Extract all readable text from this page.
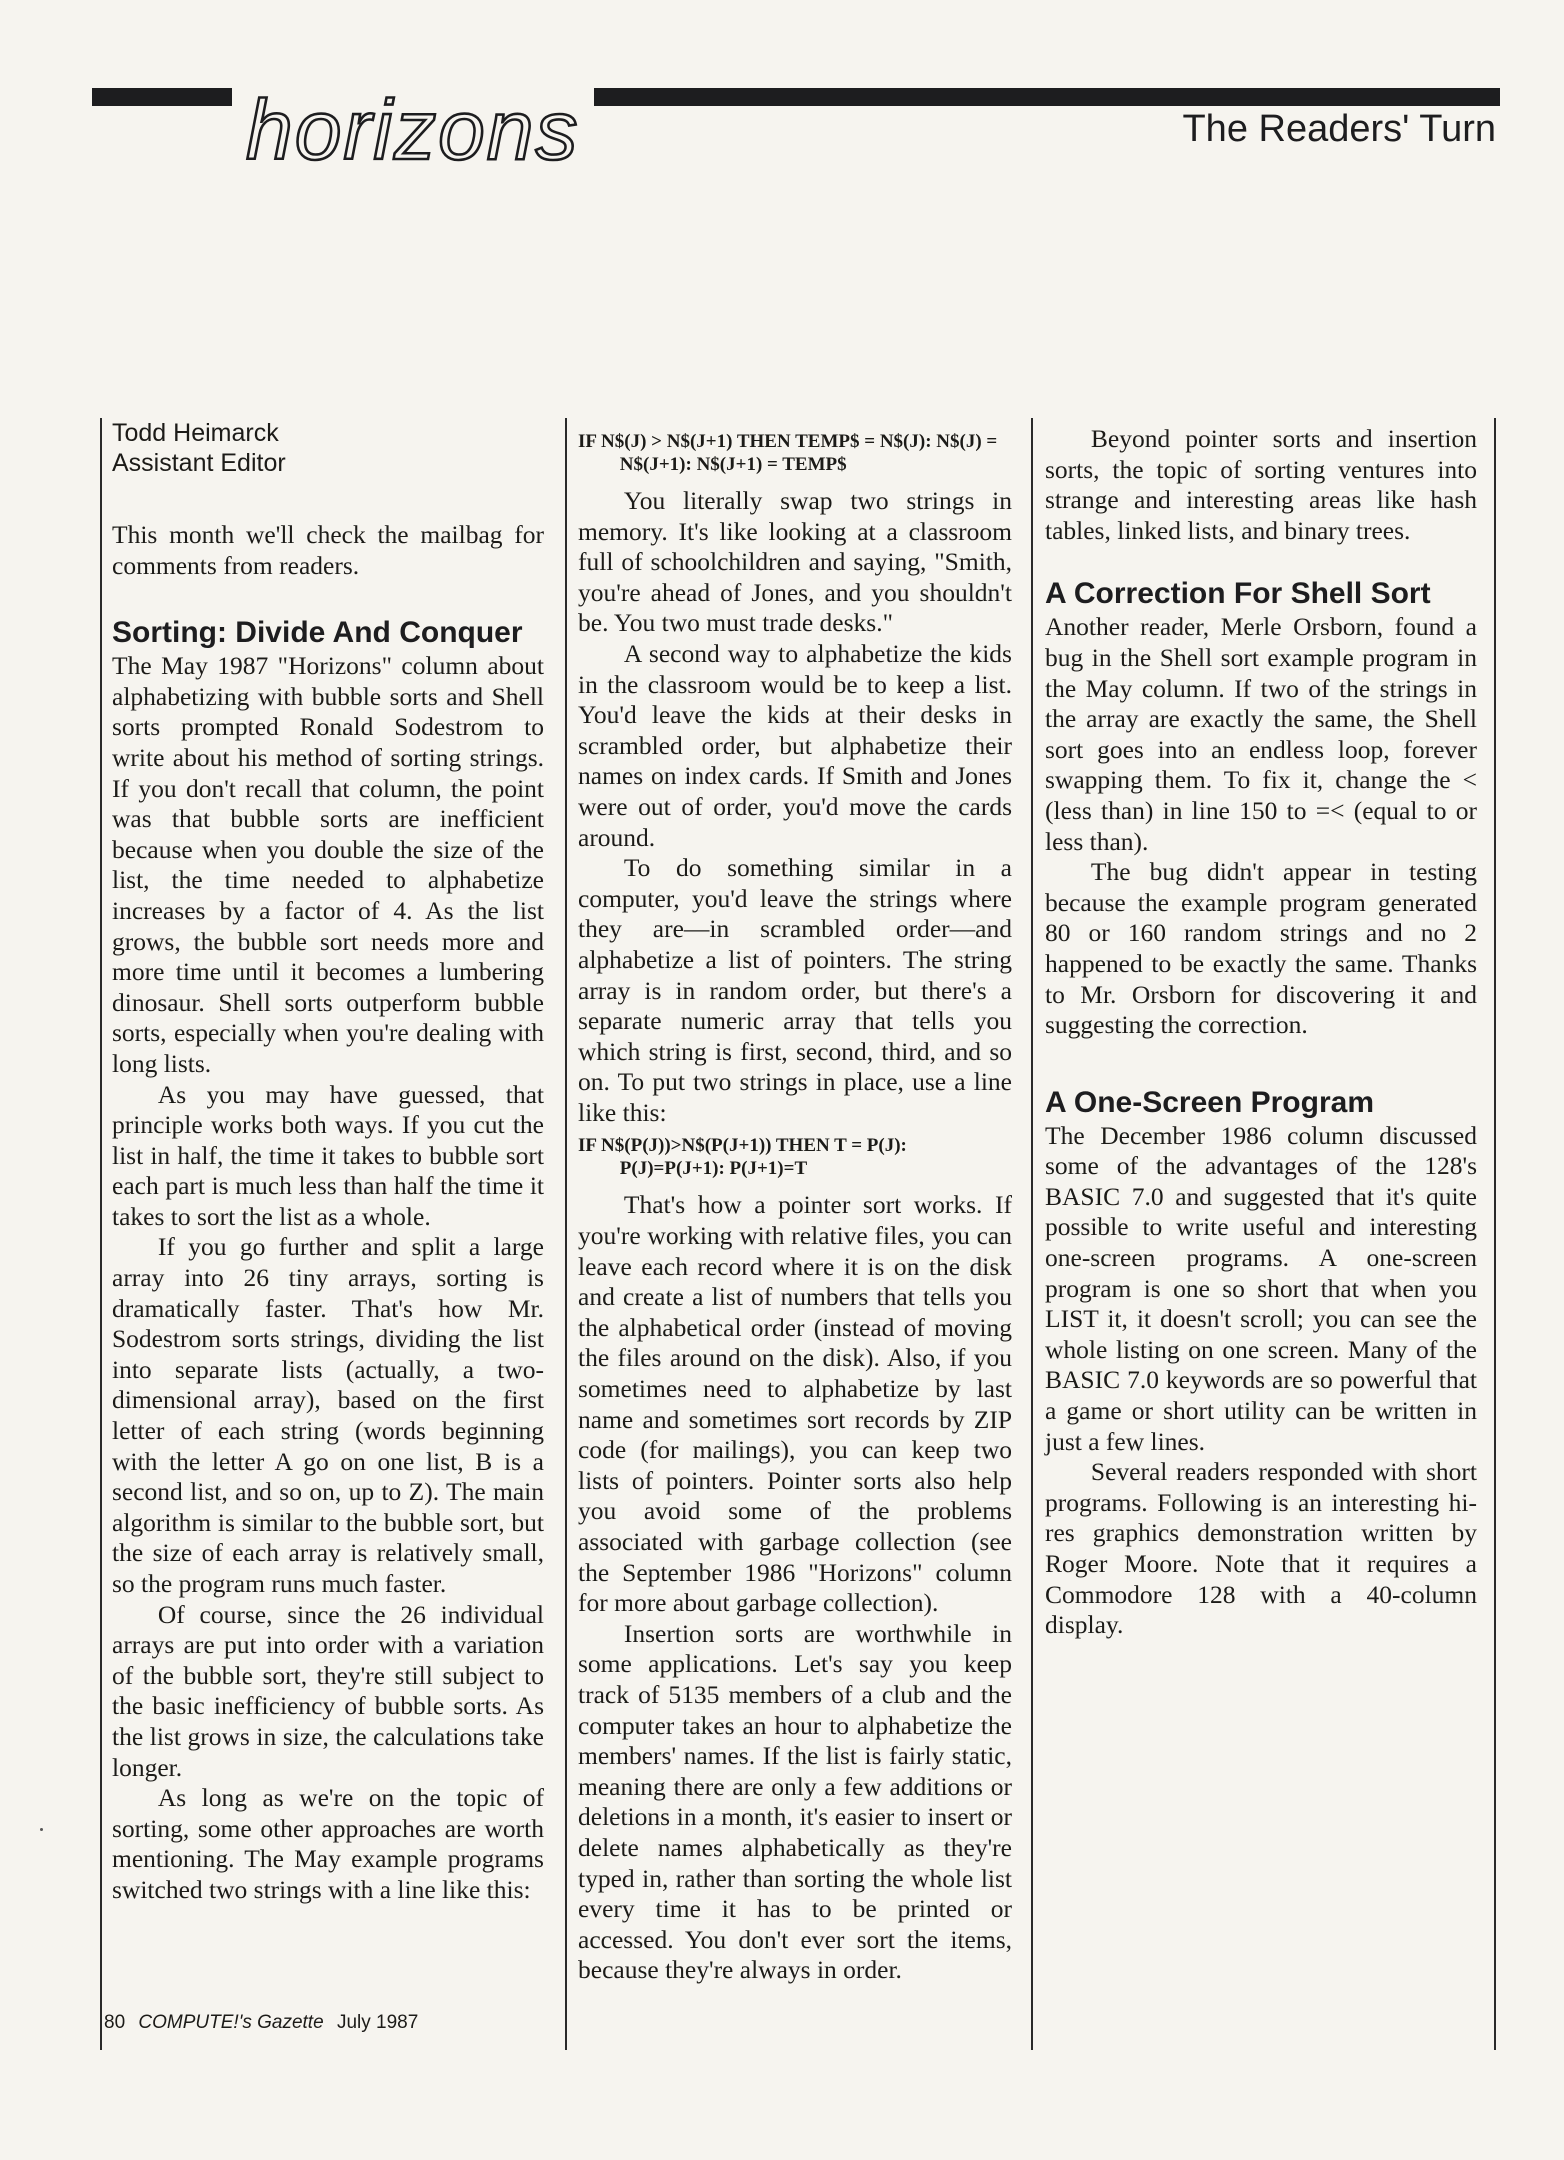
horizons	The Readers' Turn
Todd Heimarck
Assistant Editor

This month we'll check the mailbag for comments from readers.

Sorting: Divide And Conquer

The May 1987 "Horizons" column about alphabetizing with bubble sorts and Shell sorts prompted Ronald Sodestrom to write about his method of sorting strings. If you don't recall that column, the point was that bubble sorts are inefficient because when you double the size of the list, the time needed to alphabetize increases by a factor of 4. As the list grows, the bubble sort needs more and more time until it becomes a lumbering dinosaur. Shell sorts outperform bubble sorts, especially when you're dealing with long lists.

As you may have guessed, that principle works both ways. If you cut the list in half, the time it takes to bubble sort each part is much less than half the time it takes to sort the list as a whole.

If you go further and split a large array into 26 tiny arrays, sorting is dramatically faster. That's how Mr. Sodestrom sorts strings, dividing the list into separate lists (actually, a two-dimensional array), based on the first letter of each string (words beginning with the letter A go on one list, B is a second list, and so on, up to Z). The main algorithm is similar to the bubble sort, but the size of each array is relatively small, so the program runs much faster.

Of course, since the 26 individual arrays are put into order with a variation of the bubble sort, they're still subject to the basic inefficiency of bubble sorts. As the list grows in size, the calculations take longer.

As long as we're on the topic of sorting, some other approaches are worth mentioning. The May example programs switched two strings with a line like this:

IF N$(J) > N$(J+1) THEN TEMP$ = N$(J): N$(J) = N$(J+1): N$(J+1) = TEMP$

You literally swap two strings in memory. It's like looking at a classroom full of schoolchildren and saying, "Smith, you're ahead of Jones, and you shouldn't be. You two must trade desks."

A second way to alphabetize the kids in the classroom would be to keep a list. You'd leave the kids at their desks in scrambled order, but alphabetize their names on index cards. If Smith and Jones were out of order, you'd move the cards around.

To do something similar in a computer, you'd leave the strings where they are—in scrambled order—and alphabetize a list of pointers. The string array is in random order, but there's a separate numeric array that tells you which string is first, second, third, and so on. To put two strings in place, use a line like this:

IF N$(P(J))>N$(P(J+1)) THEN T = P(J): P(J)=P(J+1): P(J+1)=T

That's how a pointer sort works. If you're working with relative files, you can leave each record where it is on the disk and create a list of numbers that tells you the alphabetical order (instead of moving the files around on the disk). Also, if you sometimes need to alphabetize by last name and sometimes sort records by ZIP code (for mailings), you can keep two lists of pointers. Pointer sorts also help you avoid some of the problems associated with garbage collection (see the September 1986 "Horizons" column for more about garbage collection).

Insertion sorts are worthwhile in some applications. Let's say you keep track of 5135 members of a club and the computer takes an hour to alphabetize the members' names. If the list is fairly static, meaning there are only a few additions or deletions in a month, it's easier to insert or delete names alphabetically as they're typed in, rather than sorting the whole list every time it has to be printed or accessed. You don't ever sort the items, because they're always in order.

Beyond pointer sorts and insertion sorts, the topic of sorting ventures into strange and interesting areas like hash tables, linked lists, and binary trees.

A Correction For Shell Sort

Another reader, Merle Orsborn, found a bug in the Shell sort example program in the May column. If two of the strings in the array are exactly the same, the Shell sort goes into an endless loop, forever swapping them. To fix it, change the < (less than) in line 150 to =< (equal to or less than).

The bug didn't appear in testing because the example program generated 80 or 160 random strings and no 2 happened to be exactly the same. Thanks to Mr. Orsborn for discovering it and suggesting the correction.

A One-Screen Program

The December 1986 column discussed some of the advantages of the 128's BASIC 7.0 and suggested that it's quite possible to write useful and interesting one-screen programs. A one-screen program is one so short that when you LIST it, it doesn't scroll; you can see the whole listing on one screen. Many of the BASIC 7.0 keywords are so powerful that a game or short utility can be written in just a few lines.

Several readers responded with short programs. Following is an interesting hi-res graphics demonstration written by Roger Moore. Note that it requires a Commodore 128 with a 40-column display.

80 COMPUTE!'s Gazette July 1987
